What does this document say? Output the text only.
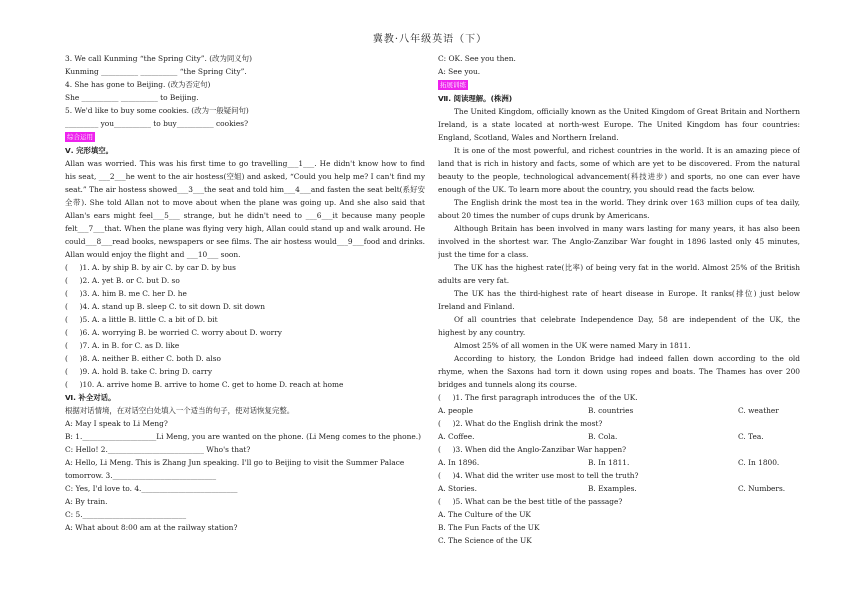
冀教·八年级英语（下）
3. We call Kunming “the Spring City”. (改为同义句)
Kunming __________ __________ “the Spring City”.
4. She has gone to Beijing. (改为否定句)
She __________ __________ to Beijing.
5. We'd like to buy some cookies. (改为一般疑问句)
_________ you__________ to buy__________ cookies?
综合运用
Ⅴ. 完形填空。
Allan was worried. This was his first time to go travelling___1___. He didn't know how to find his seat, ___2___he went to the air hostess(空姐) and asked, “Could you help me? I can't find my seat.” The air hostess showed___3___the seat and told him___4___and fasten the seat belt(系好安全带). She told Allan not to move about when the plane was going up. And she also said that Allan's ears might feel___5___ strange, but he didn't need to ___6___it because many people felt___7___that. When the plane was flying very high, Allan could stand up and walk around. He could___8___read books, newspapers or see films. The air hostess would___9___food and drinks. Allan would enjoy the flight and ___10___ soon.
(     )1. A. by ship B. by air C. by car D. by bus
(     )2. A. yet B. or C. but D. so
(     )3. A. him B. me C. her D. he
(     )4. A. stand up B. sleep C. to sit down D. sit down
(     )5. A. a little B. little C. a bit of D. bit
(     )6. A. worrying B. be worried C. worry about D. worry
(     )7. A. in B. for C. as D. like
(     )8. A. neither B. either C. both D. also
(     )9. A. hold B. take C. bring D. carry
(     )10. A. arrive home B. arrive to home C. get to home D. reach at home
Ⅵ. 补全对话。
根据对话情境，在对话空白处填入一个适当的句子，使对话恢复完整。
A: May I speak to Li Meng?
B: 1.____________________Li Meng, you are wanted on the phone. (Li Meng comes to the phone.)
C: Hello! 2.__________________________ Who's that?
A: Hello, Li Meng. This is Zhang Jun speaking. I'll go to Beijing to visit the Summer Palace
tomorrow. 3.____________________________
C: Yes, I'd love to. 4.__________________________
A: By train.
C: 5.____________________________
A: What about 8:00 am at the railway station?
C: OK. See you then.
A: See you.
拓展训练
Ⅶ. 阅读理解。(株洲)
The United Kingdom, officially known as the United Kingdom of Great Britain and Northern Ireland, is a state located at north-west Europe. The United Kingdom has four countries: England, Scotland, Wales and Northern Ireland.
It is one of the most powerful, and richest countries in the world. It is an amazing piece of land that is rich in history and facts, some of which are yet to be discovered. From the natural beauty to the people, technological advancement(科技进步) and sports, no one can ever have enough of the UK. To learn more about the country, you should read the facts below.
The English drink the most tea in the world. They drink over 163 million cups of tea daily, about 20 times the number of cups drunk by Americans.
Although Britain has been involved in many wars lasting for many years, it has also been involved in the shortest war. The Anglo-Zanzibar War fought in 1896 lasted only 45 minutes, just the time for a class.
The UK has the highest rate(比率) of being very fat in the world. Almost 25% of the British adults are very fat.
The UK has the third-highest rate of heart disease in Europe. It ranks(排位) just below Ireland and Finland.
Of all countries that celebrate Independence Day, 58 are independent of the UK, the highest by any country.
Almost 25% of all women in the UK were named Mary in 1811.
According to history, the London Bridge had indeed fallen down according to the old rhyme, when the Saxons had torn it down using ropes and boats. The Thames has over 200 bridges and tunnels along its course.
(     )1. The first paragraph introduces the  of the UK.
A. people	B. countries	C. weather
(     )2. What do the English drink the most?
A. Coffee.	B. Cola.	C. Tea.
(     )3. When did the Anglo-Zanzibar War happen?
A. In 1896.	B. In 1811.	C. In 1800.
(     )4. What did the writer use most to tell the truth?
A. Stories.	B. Examples.	C. Numbers.
(     )5. What can be the best title of the passage?
A. The Culture of the UK
B. The Fun Facts of the UK
C. The Science of the UK
